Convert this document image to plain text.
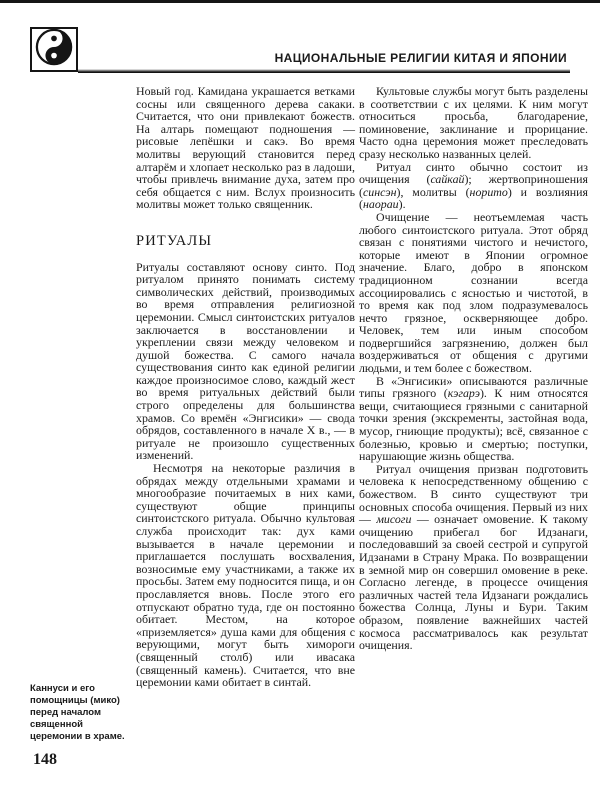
НАЦИОНАЛЬНЫЕ РЕЛИГИИ КИТАЯ И ЯПОНИИ

Новый год. Камидана украшается ветками сосны или священного дерева сакаки. Считается, что они привлекают божеств. На алтарь помещают подношения — рисовые лепёшки и сакэ. Во время молитвы верующий становится перед алтарём и хлопает несколько раз в ладоши, чтобы привлечь внимание духа, затем про себя общается с ним. Вслух произносить молитвы может только священник.

РИТУАЛЫ

Ритуалы составляют основу синто. Под ритуалом принято понимать систему символических действий, производимых во время отправления религиозной церемонии. Смысл синтоистских ритуалов заключается в восстановлении и укреплении связи между человеком и душой божества. С самого начала существования синто как единой религии каждое произносимое слово, каждый жест во время ритуальных действий были строго определены для большинства храмов. Со времён «Энгисики» — свода обрядов, составленного в начале X в., — в ритуале не произошло существенных изменений.

Несмотря на некоторые различия в обрядах между отдельными храмами и многообразие почитаемых в них ками, существуют общие принципы синтоистского ритуала. Обычно культовая служба происходит так: дух ками вызывается в начале церемонии и приглашается послушать восхваления, возносимые ему участниками, а также их просьбы. Затем ему подносится пища, и он прославляется вновь. После этого его отпускают обратно туда, где он постоянно обитает. Местом, на которое «приземляется» душа ками для общения с верующими, могут быть химороги (священный столб) или ивасака (священный камень). Считается, что вне церемонии ками обитает в синтай.

Культовые службы могут быть разделены в соответствии с их целями. К ним могут относиться просьба, благодарение, поминовение, заклинание и прорицание. Часто одна церемония может преследовать сразу несколько названных целей.

Ритуал синто обычно состоит из очищения (сайкай); жертвоприношения (синсэн), молитвы (норито) и возлияния (наораи).

Очищение — неотъемлемая часть любого синтоистского ритуала. Этот обряд связан с понятиями чистого и нечистого, которые имеют в Японии огромное значение. Благо, добро в японском традиционном сознании всегда ассоциировались с ясностью и чистотой, в то время как под злом подразумевалось нечто грязное, оскверняющее добро. Человек, тем или иным способом подвергшийся загрязнению, должен был воздерживаться от общения с другими людьми, и тем более с божеством.

В «Энгисики» описываются различные типы грязного (кэгарэ). К ним относятся вещи, считающиеся грязными с санитарной точки зрения (экскременты, застойная вода, мусор, гниющие продукты); всё, связанное с болезнью, кровью и смертью; поступки, нарушающие жизнь общества.

Ритуал очищения призван подготовить человека к непосредственному общению с божеством. В синто существуют три основных способа очищения. Первый из них — мисоги — означает омовение. К такому очищению прибегал бог Идзанаги, последовавший за своей сестрой и супругой Идзанами в Страну Мрака. По возвращении в земной мир он совершил омовение в реке. Согласно легенде, в процессе очищения различных частей тела Идзанаги рождались божества Солнца, Луны и Бури. Таким образом, появление важнейших частей космоса рассматривалось как результат очищения.

Каннуси и его помощницы (мико) перед началом священной церемонии в храме.
148
